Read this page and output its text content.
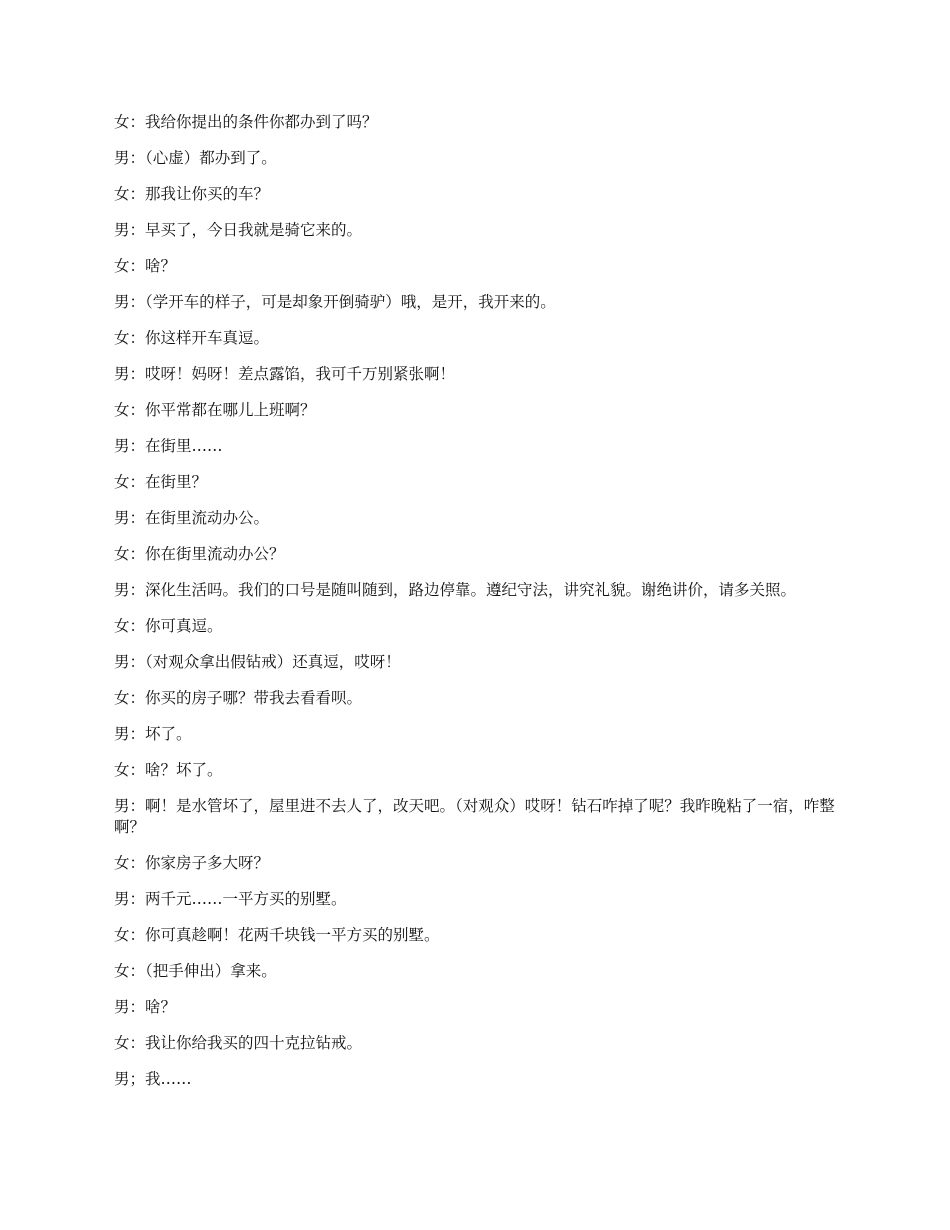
女：我给你提出的条件你都办到了吗？

男：（心虚）都办到了。

女：那我让你买的车？

男：早买了，今日我就是骑它来的。

女：啥？

男：（学开车的样子，可是却象开倒骑驴）哦，是开，我开来的。

女：你这样开车真逗。

男：哎呀！妈呀！差点露馅，我可千万别紧张啊！

女：你平常都在哪儿上班啊？

男：在街里……

女：在街里？

男：在街里流动办公。

女：你在街里流动办公？

男：深化生活吗。我们的口号是随叫随到，路边停靠。遵纪守法，讲究礼貌。谢绝讲价，请多关照。

女：你可真逗。

男：（对观众拿出假钻戒）还真逗，哎呀！

女：你买的房子哪？带我去看看呗。

男：坏了。

女：啥？坏了。

男：啊！是水管坏了，屋里进不去人了，改天吧。（对观众）哎呀！钻石咋掉了呢？我昨晚粘了一宿，咋整啊？

女：你家房子多大呀？

男：两千元……一平方买的别墅。

女：你可真趁啊！花两千块钱一平方买的别墅。

女：（把手伸出）拿来。

男：啥？

女：我让你给我买的四十克拉钻戒。

男；我……
